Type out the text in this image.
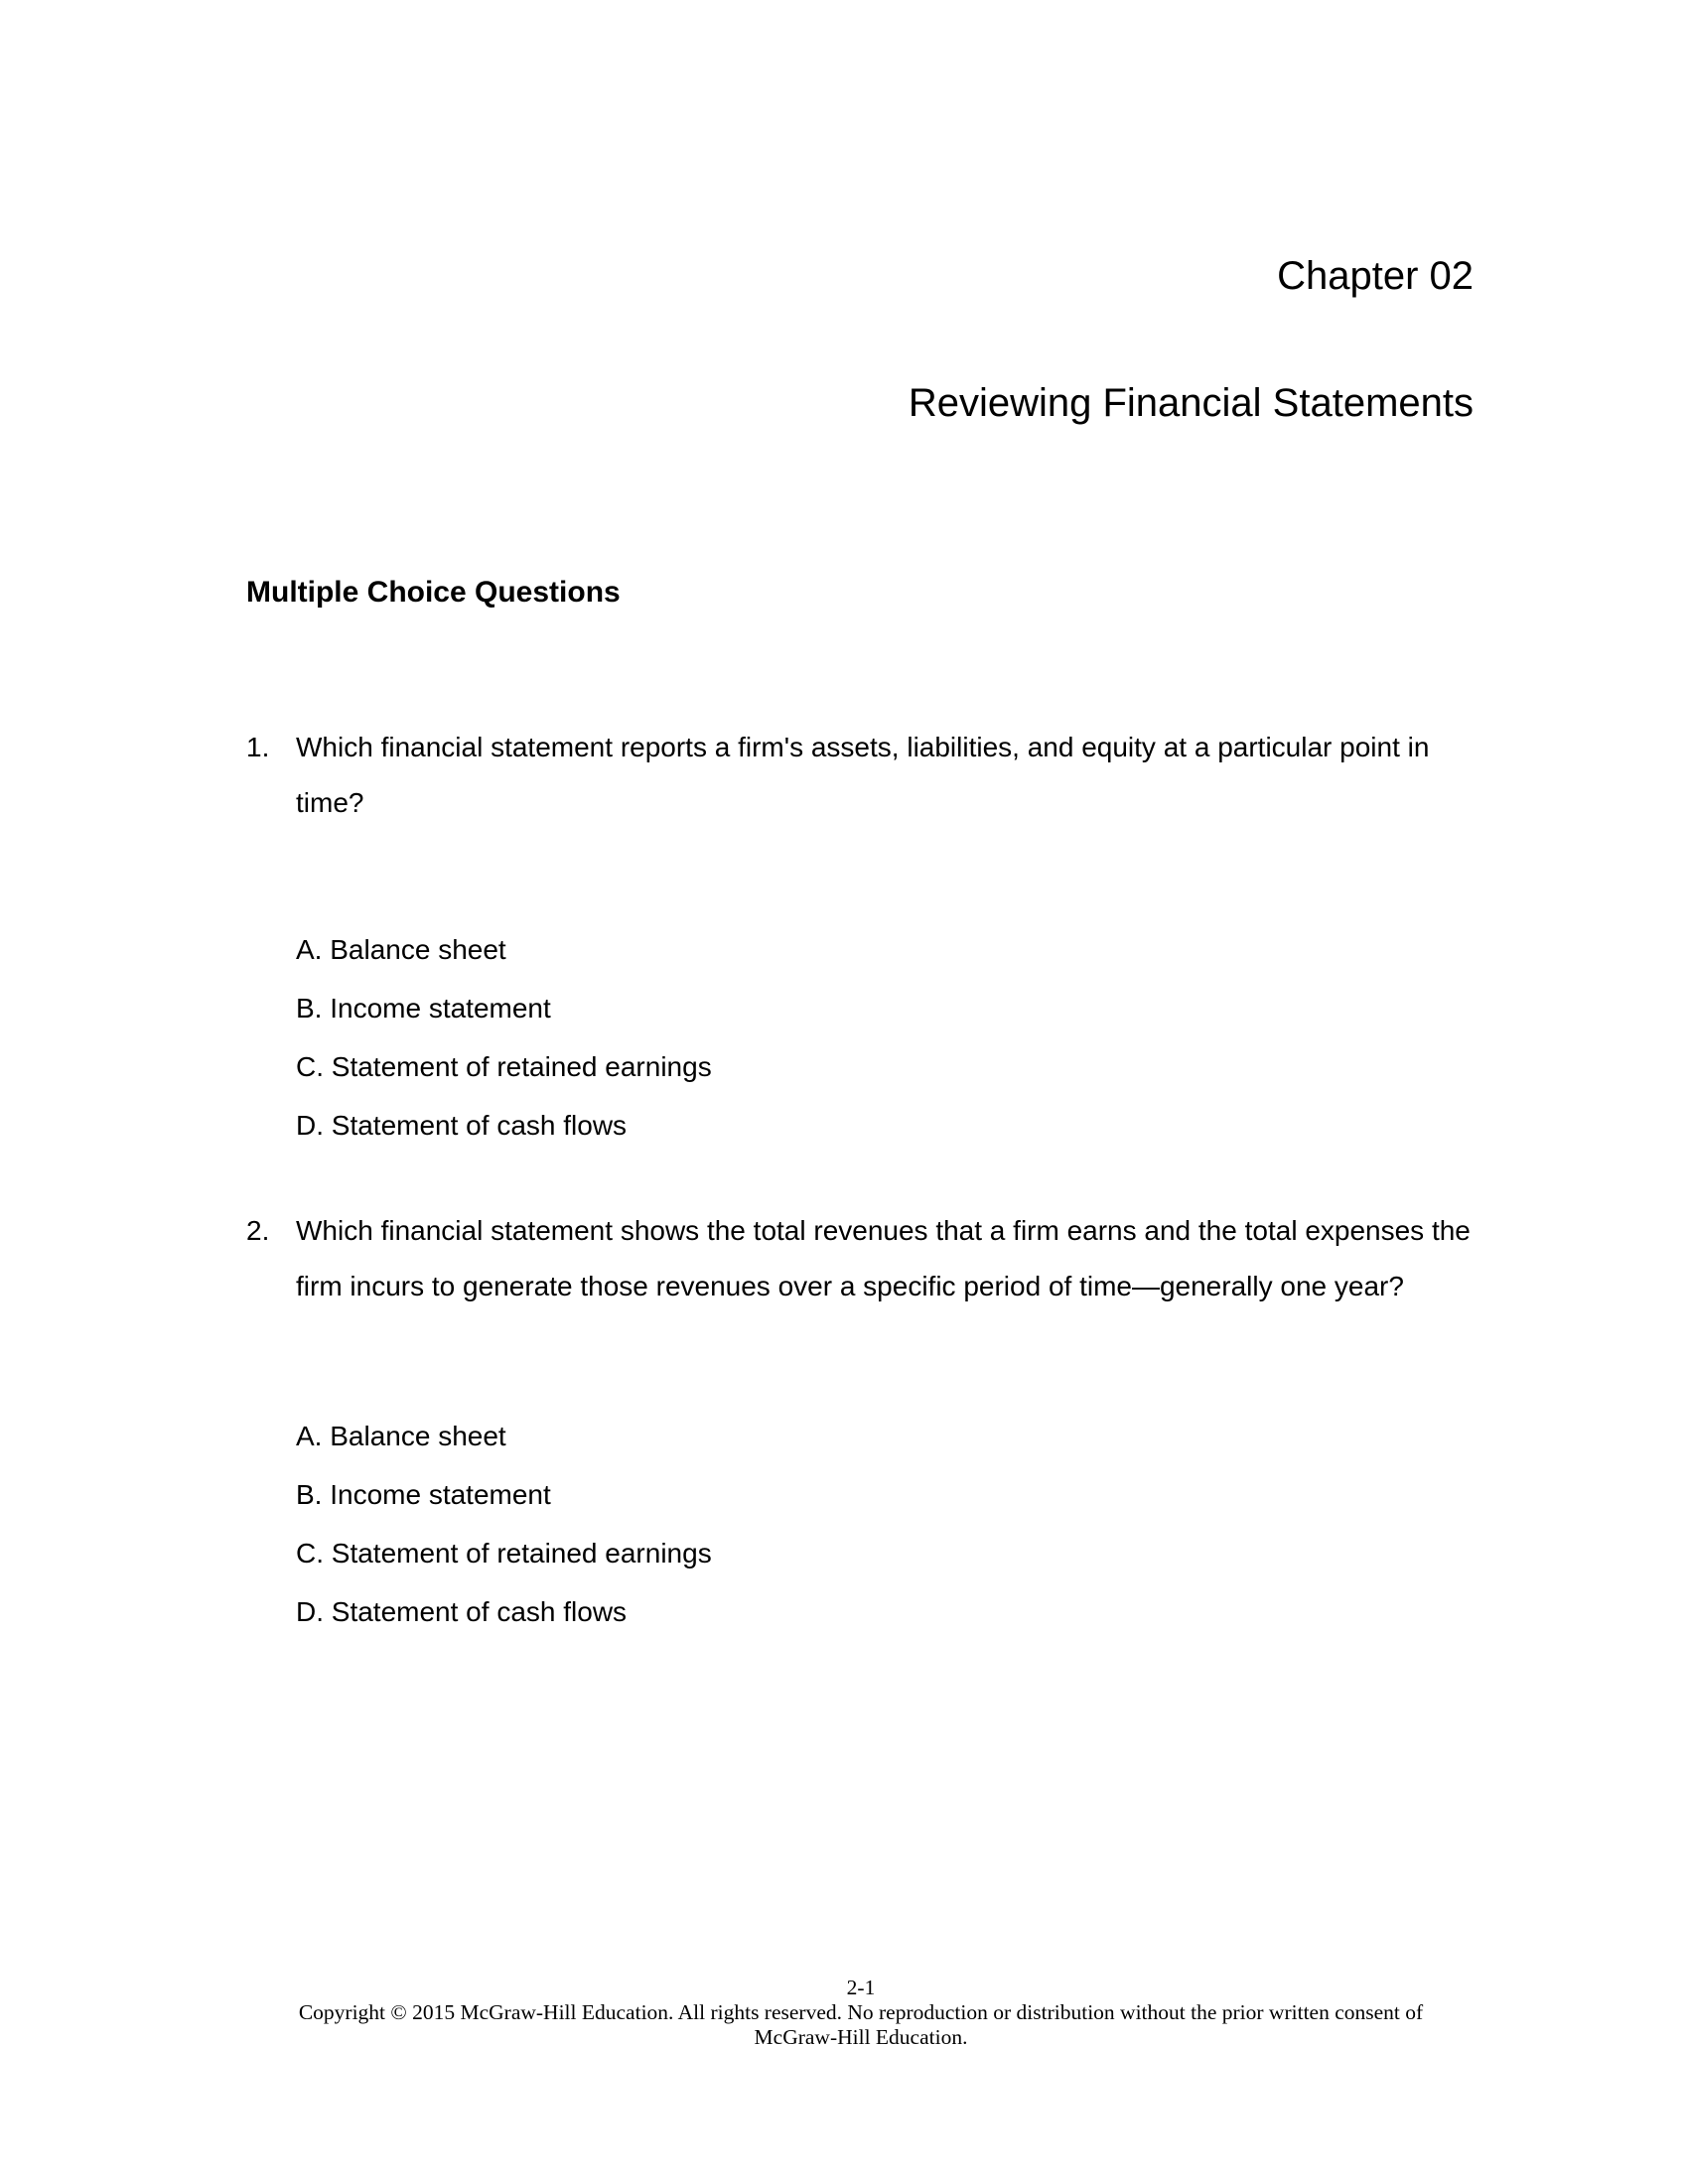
Chapter 02
Reviewing Financial Statements
Multiple Choice Questions
1. Which financial statement reports a firm's assets, liabilities, and equity at a particular point in time?
A. Balance sheet
B. Income statement
C. Statement of retained earnings
D. Statement of cash flows
2. Which financial statement shows the total revenues that a firm earns and the total expenses the firm incurs to generate those revenues over a specific period of time—generally one year?
A. Balance sheet
B. Income statement
C. Statement of retained earnings
D. Statement of cash flows
2-1
Copyright © 2015 McGraw-Hill Education. All rights reserved. No reproduction or distribution without the prior written consent of
McGraw-Hill Education.
